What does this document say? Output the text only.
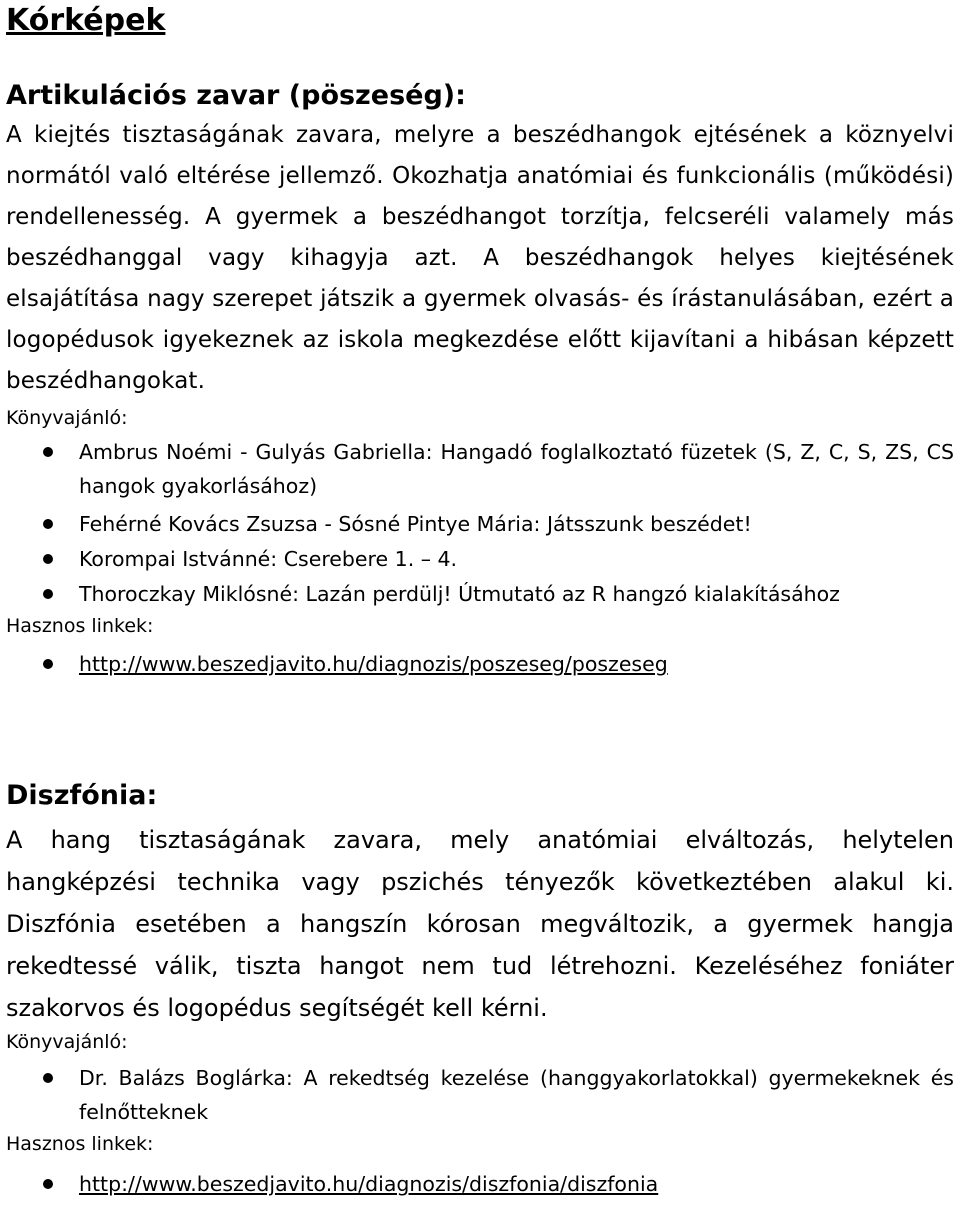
Kórképek
Artikulációs zavar (pöszeség):

A kiejtés tisztaságának zavara, melyre a beszédhangok ejtésének a köznyelvi normától való eltérése jellemző. Okozhatja anatómiai és funkcionális (működési) rendellenesség. A gyermek a beszédhangot torzítja, felcseréli valamely más beszédhanggal vagy kihagyja azt. A beszédhangok helyes kiejtésének elsajátítása nagy szerepet játszik a gyermek olvasás- és írástanulásában, ezért a logopédusok igyekeznek az iskola megkezdése előtt kijavítani a hibásan képzett beszédhangokat.

Könyvajánló:

Ambrus Noémi - Gulyás Gabriella: Hangadó foglalkoztató füzetek (S, Z, C, S, ZS, CS hangok gyakorlásához)
Fehérné Kovács Zsuzsa - Sósné Pintye Mária: Játsszunk beszédet!
Korompai Istvánné: Cserebere 1. – 4.
Thoroczkay Miklósné: Lazán perdülj! Útmutató az R hangzó kialakításához

Hasznos linkek:

http://www.beszedjavito.hu/diagnozis/poszeseg/poszeseg
Diszfónia:

A hang tisztaságának zavara, mely anatómiai elváltozás, helytelen hangképzési technika vagy pszichés tényezők következtében alakul ki. Diszfónia esetében a hangszín kórosan megváltozik, a gyermek hangja rekedtessé válik, tiszta hangot nem tud létrehozni. Kezeléséhez foniáter szakorvos és logopédus segítségét kell kérni.

Könyvajánló:

Dr. Balázs Boglárka: A rekedtség kezelése (hanggyakorlatokkal) gyermekeknek és felnőtteknek

Hasznos linkek:

http://www.beszedjavito.hu/diagnozis/diszfonia/diszfonia
